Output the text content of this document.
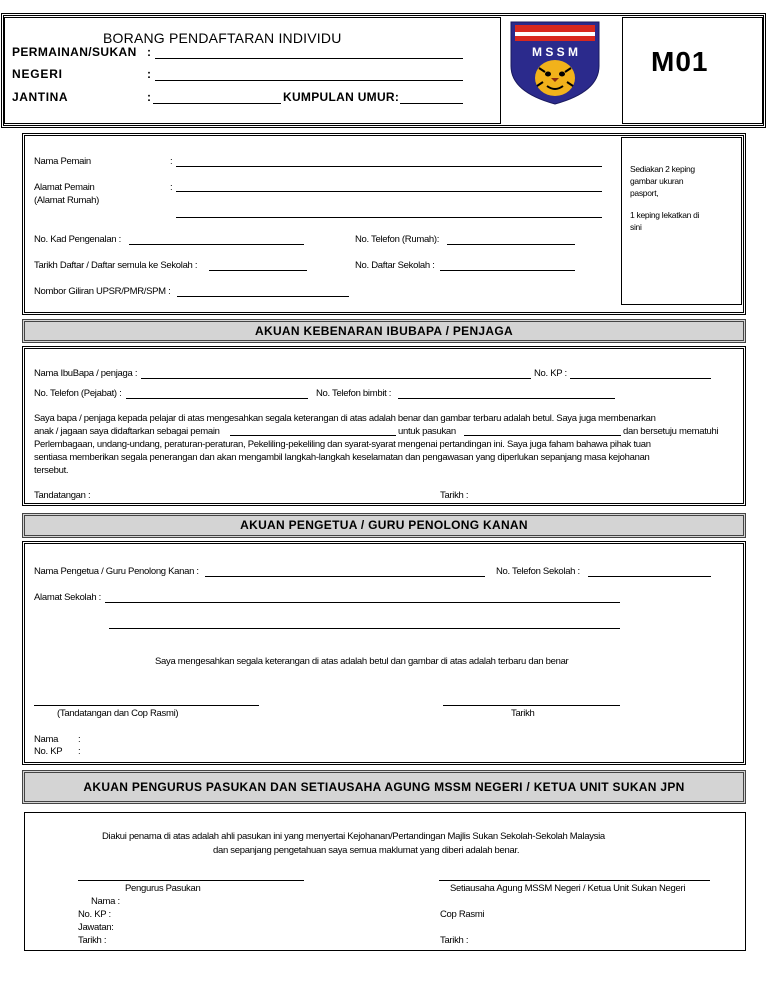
BORANG PENDAFTARAN INDIVIDU
PERMAINAN/SUKAN :
NEGERI	:
JANTINA	:	KUMPULAN UMUR:
M S S M	M01
Nama Pemain	:
Alamat Pemain
(Alamat Rumah)
:
No. Kad Pengenalan :	No. Telefon (Rumah):
Tarikh Daftar / Daftar semula ke Sekolah :	No. Daftar Sekolah :
Nombor Giliran UPSR/PMR/SPM :
Sediakan 2 keping
gambar ukuran
pasport,
1 keping lekatkan di
sini
AKUAN KEBENARAN IBUBAPA / PENJAGA
Nama IbuBapa / penjaga :	No. KP :
No. Telefon (Pejabat) :	No. Telefon bimbit :
Saya bapa / penjaga kepada pelajar di atas mengesahkan segala keterangan di atas adalah benar dan gambar terbaru adalah betul. Saya juga membenarkan
anak / jagaan saya didaftarkan sebagai pemain	untuk pasukan	dan bersetuju mematuhi
Perlembagaan, undang-undang, peraturan-peraturan, Pekeliling-pekeliling dan syarat-syarat mengenai pertandingan ini. Saya juga faham bahawa pihak tuan
sentiasa memberikan segala penerangan dan akan mengambil langkah-langkah keselamatan dan pengawasan yang diperlukan sepanjang masa kejohanan
tersebut.
Tandatangan :	Tarikh :
AKUAN PENGETUA / GURU PENOLONG KANAN
Nama Pengetua / Guru Penolong Kanan :	No. Telefon Sekolah :
Alamat Sekolah :
Saya mengesahkan segala keterangan di atas adalah betul dan gambar di atas adalah terbaru dan benar
(Tandatangan dan Cop Rasmi)	Tarikh
Nama :
No. KP :
AKUAN PENGURUS PASUKAN DAN SETIAUSAHA AGUNG MSSM NEGERI / KETUA UNIT SUKAN JPN
Diakui penama di atas adalah ahli pasukan ini yang menyertai Kejohanan/Pertandingan Majlis Sukan Sekolah-Sekolah Malaysia
dan sepanjang pengetahuan saya semua maklumat yang diberi adalah benar.
Pengurus Pasukan	Setiausaha Agung MSSM Negeri / Ketua Unit Sukan Negeri
Nama :
No. KP :
Jawatan:
Tarikh :
Cop Rasmi
Tarikh :
